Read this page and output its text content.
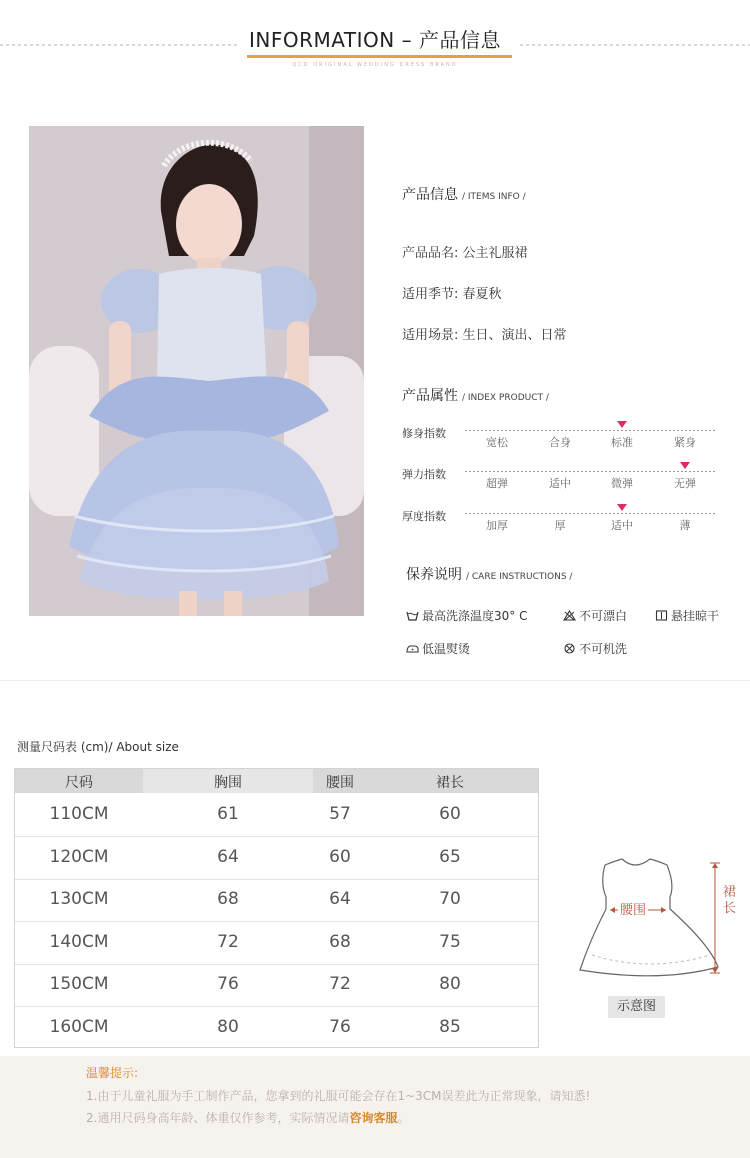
INFORMATION – 产品信息
QCD ORIGINAL WEDDING DRESS BRAND
产品信息 / ITEMS INFO /
产品品名: 公主礼服裙
适用季节: 春夏秋
适用场景: 生日、演出、日常
产品属性 / INDEX PRODUCT /
修身指数
宽松	合身	标准	紧身
弹力指数
超弹	适中	微弹	无弹
厚度指数
加厚	厚	适中	薄
保养说明 / CARE INSTRUCTIONS /
最高洗涤温度30° C	不可漂白	悬挂晾干
低温熨烫	不可机洗
测量尺码表 (cm)/ About size
尺码	胸围	腰围	裙长
110CM	61	57	60
120CM	64	60	65
130CM	68	64	70
140CM	72	68	75
150CM	76	72	80
160CM	80	76	85
腰围
裙长
示意图
温馨提示:
1.由于儿童礼服为手工制作产品，您拿到的礼服可能会存在1~3CM误差此为正常现象，请知悉!
2.通用尺码身高年龄、体重仅作参考，实际情况请咨询客服。
